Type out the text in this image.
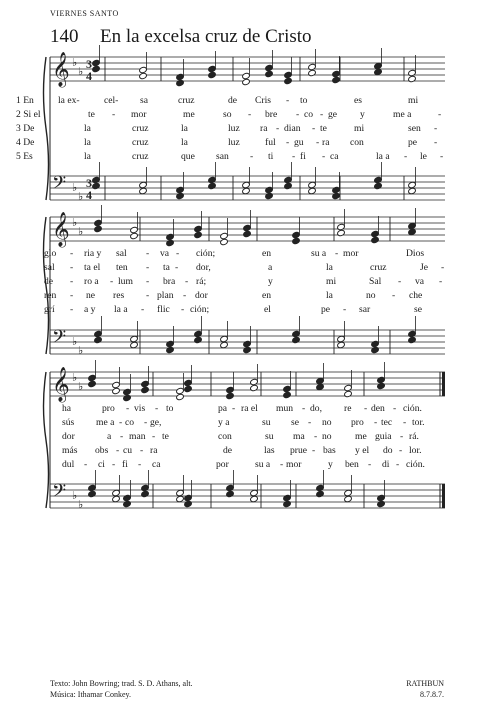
VIERNES SANTO
140 En la excelsa cruz de Cristo
𝄞
𝄢
♭
♭
♭
♭
3
4
3
4
𝄞
𝄢
♭
♭
♭
♭
𝄞
𝄢
♭
♭
♭
♭
1 En	la ex-	cel- sa	cruz	de Cris - to	es	mi
2 Si el	te - mor	me	so - bre - co - ge y	me a	-
3 De	la	cruz	la	luz ra - dian - te	mi	sen -
4 De	la	cruz	la	luz	ful - gu - ra con	pe -
5 Es	la	cruz	que san - ti - fi - ca	la a - le -
glo - ria y sal - va - ción;	en	su a - mor	Dios
sal - ta el ten - ta - dor,	a	la	cruz	Je -
de - ro a - lum - bra - rá;	y	mi	Sal - va -
ren - ne res - plan - dor	en	la	no - che
grí - a y la a - flic - ción;	el	pe - sar	se
ha	pro - vis - to	pa - ra el mun - do, re - den - ción.
sús me a - co - ge,	y a	su se - no pro - tec - tor.
dor	a - man - te	con	su ma - no me guia - rá.
más obs - cu - ra	de	las prue - bas y el do - lor.
dul - ci - fi - ca	por	su a - mor	y ben - di - ción.
Texto: John Bowring; trad. S. D. Athans, alt.
Música: Ithamar Conkey.
RATHBUN
8.7.8.7.
